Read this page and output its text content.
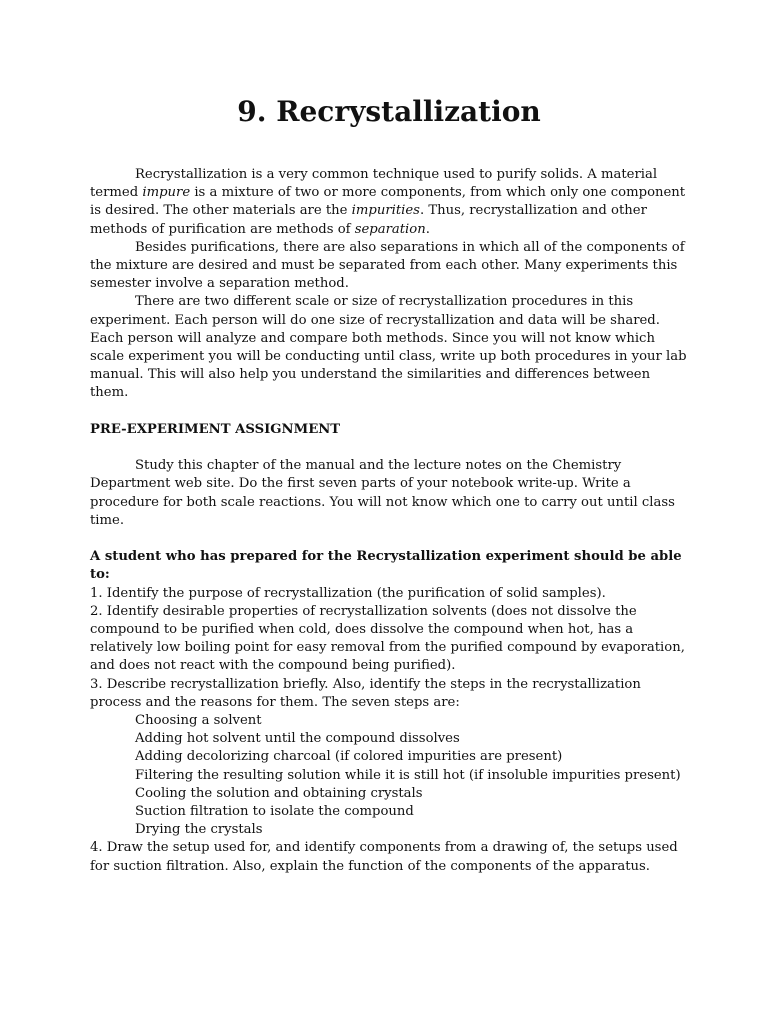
9. Recrystallization

Recrystallization is a very common technique used to purify solids. A material termed impure is a mixture of two or more components, from which only one component is desired. The other materials are the impurities. Thus, recrystallization and other methods of purification are methods of separation.

Besides purifications, there are also separations in which all of the components of the mixture are desired and must be separated from each other. Many experiments this semester involve a separation method.

There are two different scale or size of recrystallization procedures in this experiment. Each person will do one size of recrystallization and data will be shared. Each person will analyze and compare both methods. Since you will not know which scale experiment you will be conducting until class, write up both procedures in your lab manual. This will also help you understand the similarities and differences between them.

PRE-EXPERIMENT ASSIGNMENT

Study this chapter of the manual and the lecture notes on the Chemistry Department web site. Do the first seven parts of your notebook write-up. Write a procedure for both scale reactions. You will not know which one to carry out until class time.

A student who has prepared for the Recrystallization experiment should be able to:

1. Identify the purpose of recrystallization (the purification of solid samples).

2. Identify desirable properties of recrystallization solvents (does not dissolve the compound to be purified when cold, does dissolve the compound when hot, has a relatively low boiling point for easy removal from the purified compound by evaporation, and does not react with the compound being purified).

3. Describe recrystallization briefly. Also, identify the steps in the recrystallization process and the reasons for them. The seven steps are:

Choosing a solvent
Adding hot solvent until the compound dissolves
Adding decolorizing charcoal (if colored impurities are present)
Filtering the resulting solution while it is still hot (if insoluble impurities present)
Cooling the solution and obtaining crystals
Suction filtration to isolate the compound
Drying the crystals

4. Draw the setup used for, and identify components from a drawing of, the setups used for suction filtration. Also, explain the function of the components of the apparatus.
